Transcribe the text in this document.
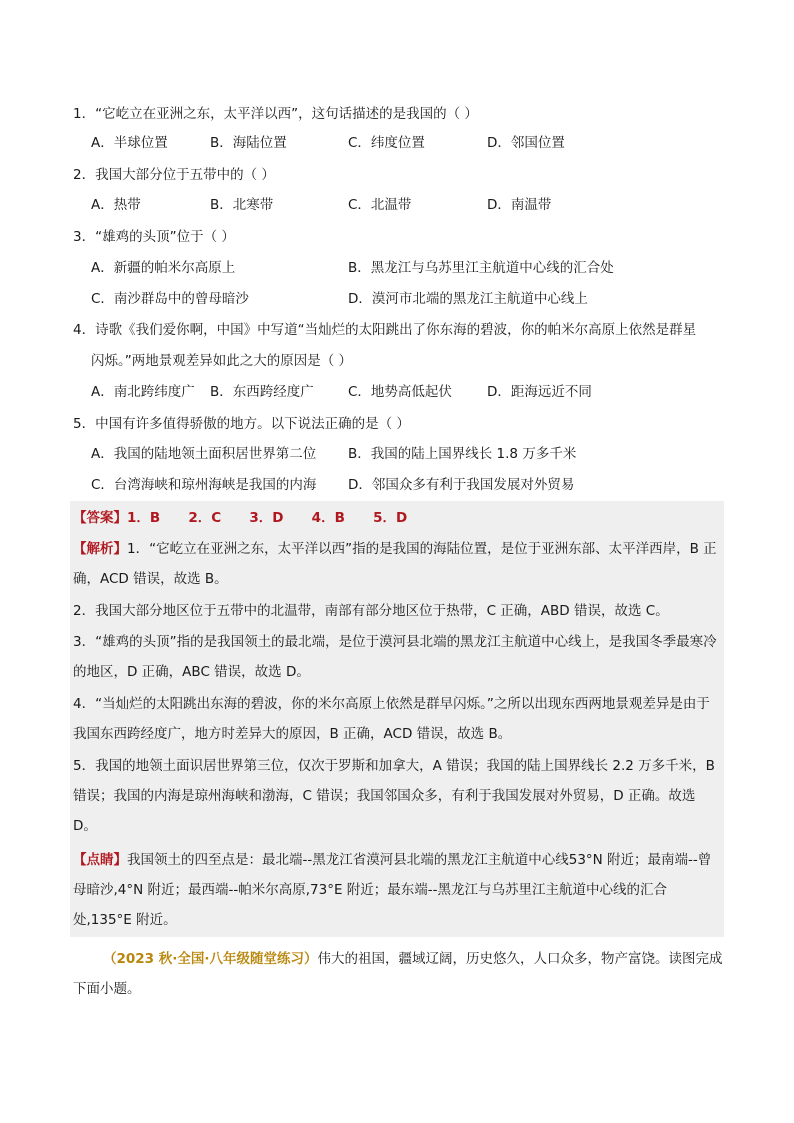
1．“它屹立在亚洲之东，太平洋以西”，这句话描述的是我国的（ ）
A．半球位置	B．海陆位置	C．纬度位置	D．邻国位置
2．我国大部分位于五带中的（ ）
A．热带	B．北寒带	C．北温带	D．南温带
3．“雄鸡的头顶”位于（ ）
A．新疆的帕米尔高原上	B．黑龙江与乌苏里江主航道中心线的汇合处
C．南沙群岛中的曾母暗沙	D．漠河市北端的黑龙江主航道中心线上
4．诗歌《我们爱你啊，中国》中写道“当灿烂的太阳跳出了你东海的碧波，你的帕米尔高原上依然是群星
闪烁。”两地景观差异如此之大的原因是（ ）
A．南北跨纬度广 B．东西跨经度广	C．地势高低起伏	D．距海远近不同
5．中国有许多值得骄傲的地方。以下说法正确的是（ ）
A．我国的陆地领土面积居世界第二位 B．我国的陆上国界线长 1.8 万多千米
C．台湾海峡和琼州海峡是我国的内海 D．邻国众多有利于我国发展对外贸易
【答案】1．B      2．C      3．D      4．B      5．D
【解析】1．“它屹立在亚洲之东，太平洋以西”指的是我国的海陆位置，是位于亚洲东部、太平洋西岸，B 正确，ACD 错误，故选 B。
2．我国大部分地区位于五带中的北温带，南部有部分地区位于热带，C 正确，ABD 错误，故选 C。
3．“雄鸡的头顶”指的是我国领土的最北端，是位于漠河县北端的黑龙江主航道中心线上，是我国冬季最寒冷的地区，D 正确，ABC 错误，故选 D。
4．“当灿烂的太阳跳出东海的碧波，你的米尔高原上依然是群早闪烁。”之所以出现东西两地景观差异是由于我国东西跨经度广，地方时差异大的原因，B 正确，ACD 错误，故选 B。
5．我国的地领土面识居世界第三位，仅次于罗斯和加拿大，A 错误；我国的陆上国界线长 2.2 万多千米，B 错误；我国的内海是琼州海峡和渤海，C 错误；我国邻国众多，有利于我国发展对外贸易，D 正确。故选 D。
【点睛】我国领土的四至点是：最北端--黑龙江省漠河县北端的黑龙江主航道中心线53°N 附近；最南端--曾母暗沙,4°N 附近；最西端--帕米尔高原,73°E 附近；最东端--黑龙江与乌苏里江主航道中心线的汇合处,135°E 附近。
（2023 秋·全国·八年级随堂练习）伟大的祖国，疆域辽阔，历史悠久，人口众多，物产富饶。读图完成下面小题。
